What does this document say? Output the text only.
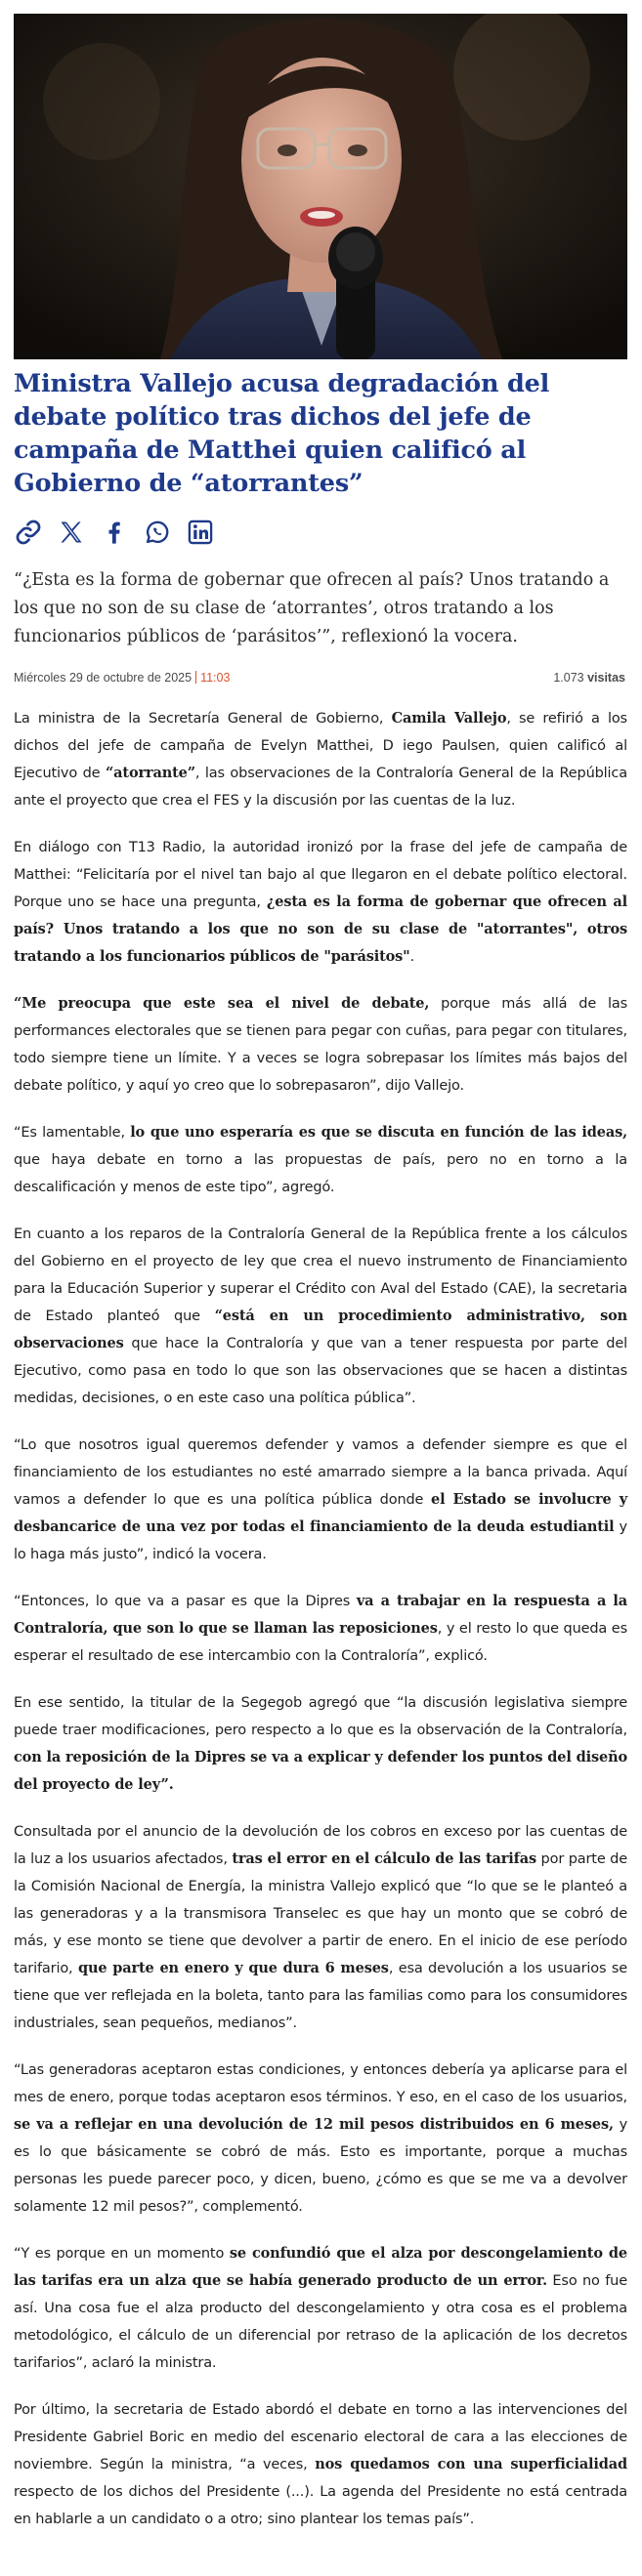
Ministra Vallejo acusa degradación del debate político tras dichos del jefe de campaña de Matthei quien calificó al Gobierno de “atorrantes”

“¿Esta es la forma de gobernar que ofrecen al país? Unos tratando a los que no son de su clase de ‘atorrantes’, otros tratando a los funcionarios públicos de ‘parásitos’”, reflexionó la vocera.

Miércoles 29 de octubre de 2025 11:03	1.073 visitas

La ministra de la Secretaría General de Gobierno, Camila Vallejo, se refirió a los dichos del jefe de campaña de Evelyn Matthei, D iego Paulsen, quien calificó al Ejecutivo de “atorrante”, las observaciones de la Contraloría General de la República ante el proyecto que crea el FES y la discusión por las cuentas de la luz.

En diálogo con T13 Radio, la autoridad ironizó por la frase del jefe de campaña de Matthei: “Felicitaría por el nivel tan bajo al que llegaron en el debate político electoral. Porque uno se hace una pregunta, ¿esta es la forma de gobernar que ofrecen al país? Unos tratando a los que no son de su clase de "atorrantes", otros tratando a los funcionarios públicos de "parásitos".

“Me preocupa que este sea el nivel de debate, porque más allá de las performances electorales que se tienen para pegar con cuñas, para pegar con titulares, todo siempre tiene un límite. Y a veces se logra sobrepasar los límites más bajos del debate político, y aquí yo creo que lo sobrepasaron”, dijo Vallejo.

“Es lamentable, lo que uno esperaría es que se discuta en función de las ideas, que haya debate en torno a las propuestas de país, pero no en torno a la descalificación y menos de este tipo”, agregó.

En cuanto a los reparos de la Contraloría General de la República frente a los cálculos del Gobierno en el proyecto de ley que crea el nuevo instrumento de Financiamiento para la Educación Superior y superar el Crédito con Aval del Estado (CAE), la secretaria de Estado planteó que “está en un procedimiento administrativo, son observaciones que hace la Contraloría y que van a tener respuesta por parte del Ejecutivo, como pasa en todo lo que son las observaciones que se hacen a distintas medidas, decisiones, o en este caso una política pública”.

“Lo que nosotros igual queremos defender y vamos a defender siempre es que el financiamiento de los estudiantes no esté amarrado siempre a la banca privada. Aquí vamos a defender lo que es una política pública donde el Estado se involucre y desbancarice de una vez por todas el financiamiento de la deuda estudiantil y lo haga más justo”, indicó la vocera.

“Entonces, lo que va a pasar es que la Dipres va a trabajar en la respuesta a la Contraloría, que son lo que se llaman las reposiciones, y el resto lo que queda es esperar el resultado de ese intercambio con la Contraloría”, explicó.

En ese sentido, la titular de la Segegob agregó que “la discusión legislativa siempre puede traer modificaciones, pero respecto a lo que es la observación de la Contraloría, con la reposición de la Dipres se va a explicar y defender los puntos del diseño del proyecto de ley”.

Consultada por el anuncio de la devolución de los cobros en exceso por las cuentas de la luz a los usuarios afectados, tras el error en el cálculo de las tarifas por parte de la Comisión Nacional de Energía, la ministra Vallejo explicó que “lo que se le planteó a las generadoras y a la transmisora Transelec es que hay un monto que se cobró de más, y ese monto se tiene que devolver a partir de enero. En el inicio de ese período tarifario, que parte en enero y que dura 6 meses, esa devolución a los usuarios se tiene que ver reflejada en la boleta, tanto para las familias como para los consumidores industriales, sean pequeños, medianos”.

“Las generadoras aceptaron estas condiciones, y entonces debería ya aplicarse para el mes de enero, porque todas aceptaron esos términos. Y eso, en el caso de los usuarios, se va a reflejar en una devolución de 12 mil pesos distribuidos en 6 meses, y es lo que básicamente se cobró de más. Esto es importante, porque a muchas personas les puede parecer poco, y dicen, bueno, ¿cómo es que se me va a devolver solamente 12 mil pesos?”, complementó.

“Y es porque en un momento se confundió que el alza por descongelamiento de las tarifas era un alza que se había generado producto de un error. Eso no fue así. Una cosa fue el alza producto del descongelamiento y otra cosa es el problema metodológico, el cálculo de un diferencial por retraso de la aplicación de los decretos tarifarios”, aclaró la ministra.

Por último, la secretaria de Estado abordó el debate en torno a las intervenciones del Presidente Gabriel Boric en medio del escenario electoral de cara a las elecciones de noviembre. Según la ministra, “a veces, nos quedamos con una superficialidad respecto de los dichos del Presidente (...). La agenda del Presidente no está centrada en hablarle a un candidato o a otro; sino plantear los temas país”.
